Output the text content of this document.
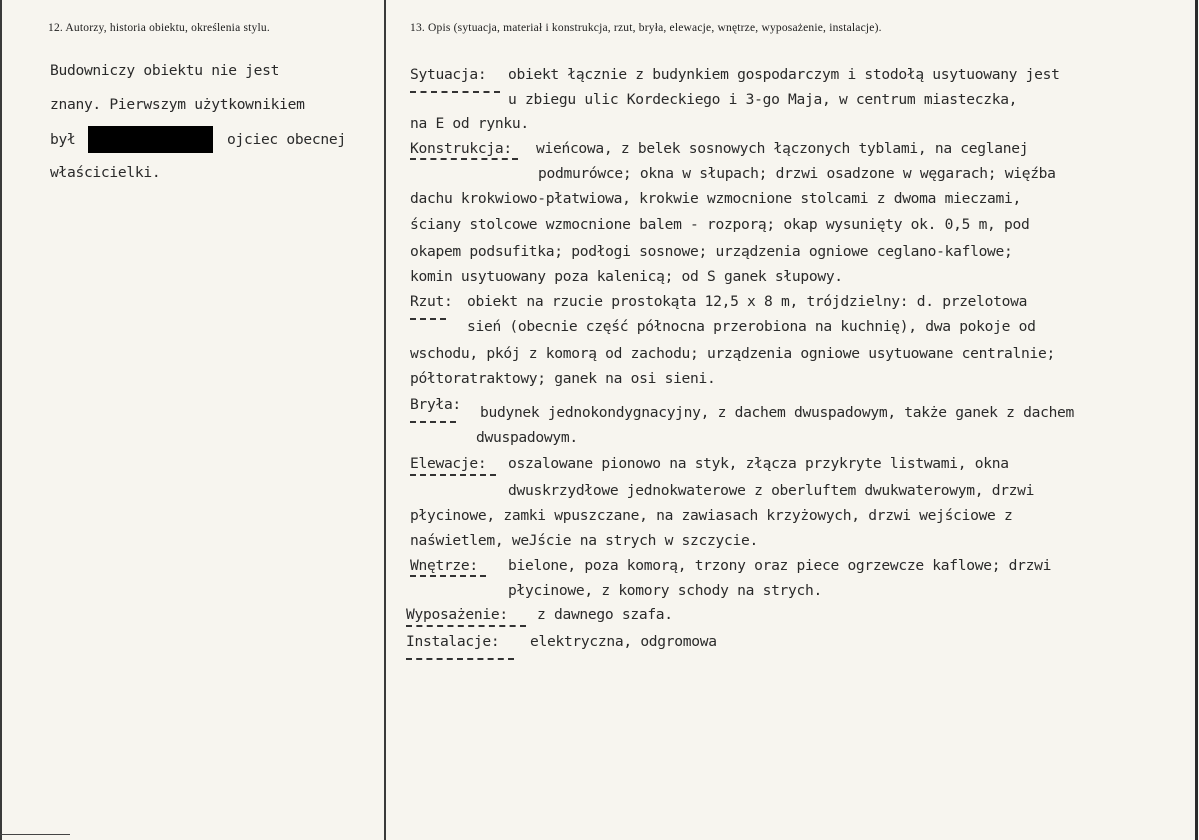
12. Autorzy, historia obiektu, określenia stylu.
Budowniczy obiektu nie jest
znany. Pierwszym użytkownikiem
był	ojciec obecnej
właścicielki.
13. Opis (sytuacja, materiał i konstrukcja, rzut, bryła, elewacje, wnętrze, wyposażenie, instalacje).
Sytuacja: obiekt łącznie z budynkiem gospodarczym i stodołą usytuowany jest
u zbiegu ulic Kordeckiego i 3-go Maja, w centrum miasteczka,
na E od rynku.
Konstrukcja: wieńcowa, z belek sosnowych łączonych tyblami, na ceglanej
podmurówce; okna w słupach; drzwi osadzone w węgarach; więźba
dachu krokwiowo-płatwiowa, krokwie wzmocnione stolcami z dwoma mieczami,
ściany stolcowe wzmocnione balem - rozporą; okap wysunięty ok. 0,5 m, pod
okapem podsufitka; podłogi sosnowe; urządzenia ogniowe ceglano-kaflowe;
komin usytuowany poza kalenicą; od S ganek słupowy.
Rzut: obiekt na rzucie prostokąta 12,5 x 8 m, trójdzielny: d. przelotowa
sień (obecnie część północna przerobiona na kuchnię), dwa pokoje od
wschodu, pkój z komorą od zachodu; urządzenia ogniowe usytuowane centralnie;
półtoratraktowy; ganek na osi sieni.
Bryła: budynek jednokondygnacyjny, z dachem dwuspadowym, także ganek z dachem
dwuspadowym.
Elewacje: oszalowane pionowo na styk, złącza przykryte listwami, okna
dwuskrzydłowe jednokwaterowe z oberluftem dwukwaterowym, drzwi
płycinowe, zamki wpuszczane, na zawiasach krzyżowych, drzwi wejściowe z
naświetlem, weJście na strych w szczycie.
Wnętrze: bielone, poza komorą, trzony oraz piece ogrzewcze kaflowe; drzwi
płycinowe, z komory schody na strych.
Wyposażenie: z dawnego szafa.
Instalacje: elektryczna, odgromowa
